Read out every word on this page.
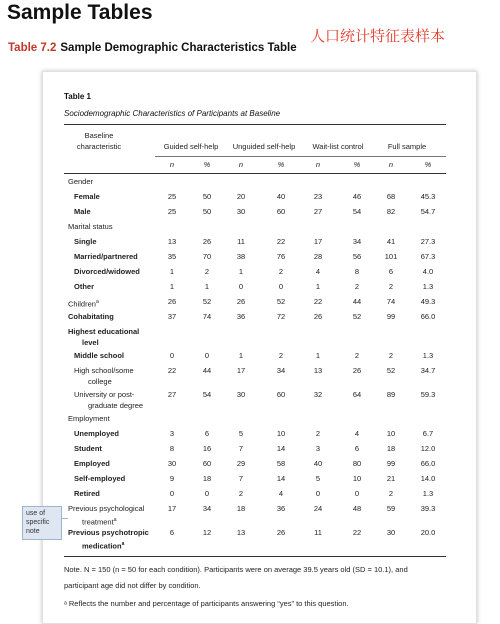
Sample Tables
人口统计特征表样本
Table 7.2 Sample Demographic Characteristics Table
Table 1
Sociodemographic Characteristics of Participants at Baseline
Baseline
characteristic	Guided self-help	Unguided self-help	Wait-list control	Full sample
n	%	n	%	n	%	n	%
Gender
Female	25	50	20	40	23	46	68	45.3
Male	25	50	30	60	27	54	82	54.7
Marital status
Single	13	26	11	22	17	34	41	27.3
Married/partnered	35	70	38	76	28	56	101	67.3
Divorced/widowed	1	2	1	2	4	8	6	4.0
Other	1	1	0	0	1	2	2	1.3
Children$^a$	26	52	26	52	22	44	74	49.3
Cohabitating	37	74	36	72	26	52	99	66.0
Highest educational
level
Middle school	0	0	1	2	1	2	2	1.3
High school/some
college
22	44	17	34	13	26	52	34.7
University or post-
graduate degree
27	54	30	60	32	64	89	59.3
Employment
Unemployed	3	6	5	10	2	4	10	6.7
Student	8	16	7	14	3	6	18	12.0
Employed	30	60	29	58	40	80	99	66.0
Self-employed	9	18	7	14	5	10	21	14.0
Retired	0	0	2	4	0	0	2	1.3
Previous psychological
treatment$^a$
17	34	18	36	24	48	59	39.3
Previous psychotropic
medication$^a$
6	12	13	26	11	22	30	20.0
Note. N = 150 (n = 50 for each condition). Participants were on average 39.5 years old (SD = 10.1), and
participant age did not differ by condition.
ᵃ Reflects the number and percentage of participants answering “yes” to this question.
use of specific note
